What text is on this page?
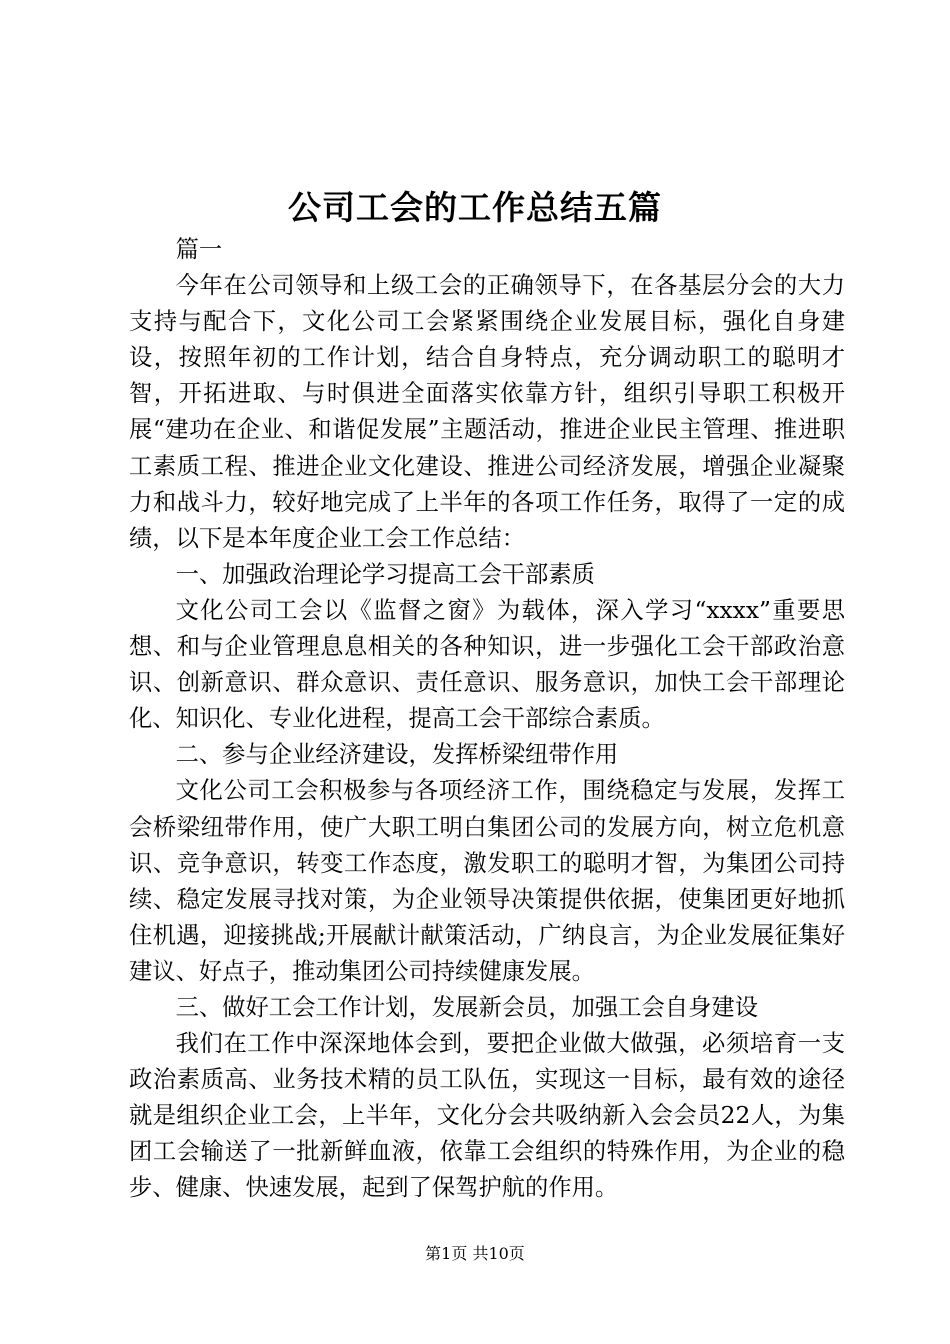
公司工会的工作总结五篇

篇一

今年在公司领导和上级工会的正确领导下，在各基层分会的大力支持与配合下，文化公司工会紧紧围绕企业发展目标，强化自身建设，按照年初的工作计划，结合自身特点，充分调动职工的聪明才智，开拓进取、与时俱进全面落实依靠方针，组织引导职工积极开展“建功在企业、和谐促发展”主题活动，推进企业民主管理、推进职工素质工程、推进企业文化建设、推进公司经济发展，增强企业凝聚力和战斗力，较好地完成了上半年的各项工作任务，取得了一定的成绩，以下是本年度企业工会工作总结：

一、加强政治理论学习提高工会干部素质

文化公司工会以《监督之窗》为载体，深入学习“xxxx”重要思想、和与企业管理息息相关的各种知识，进一步强化工会干部政治意识、创新意识、群众意识、责任意识、服务意识，加快工会干部理论化、知识化、专业化进程，提高工会干部综合素质。

二、参与企业经济建设，发挥桥梁纽带作用

文化公司工会积极参与各项经济工作，围绕稳定与发展，发挥工会桥梁纽带作用，使广大职工明白集团公司的发展方向，树立危机意识、竞争意识，转变工作态度，激发职工的聪明才智，为集团公司持续、稳定发展寻找对策，为企业领导决策提供依据，使集团更好地抓住机遇，迎接挑战;开展献计献策活动，广纳良言，为企业发展征集好建议、好点子，推动集团公司持续健康发展。

三、做好工会工作计划，发展新会员，加强工会自身建设

我们在工作中深深地体会到，要把企业做大做强，必须培育一支政治素质高、业务技术精的员工队伍，实现这一目标，最有效的途径就是组织企业工会，上半年，文化分会共吸纳新入会会员22人，为集团工会输送了一批新鲜血液，依靠工会组织的特殊作用，为企业的稳步、健康、快速发展，起到了保驾护航的作用。

第1页 共10页
